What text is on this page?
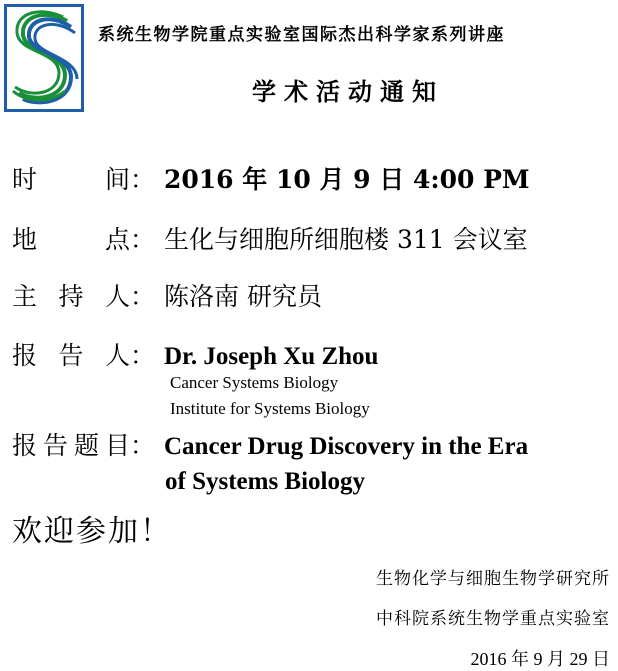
系统生物学院重点实验室国际杰出科学家系列讲座
学术活动通知
时　间： 2016 年 10 月 9 日 4:00 PM
地　点： 生化与细胞所细胞楼 311 会议室
主持人： 陈洛南 研究员
报告人： Dr. Joseph Xu Zhou
Cancer Systems Biology
Institute for Systems Biology
报告题目： Cancer Drug Discovery in the Era
of Systems Biology
欢迎参加！
生物化学与细胞生物学研究所
中科院系统生物学重点实验室
2016 年 9 月 29 日
